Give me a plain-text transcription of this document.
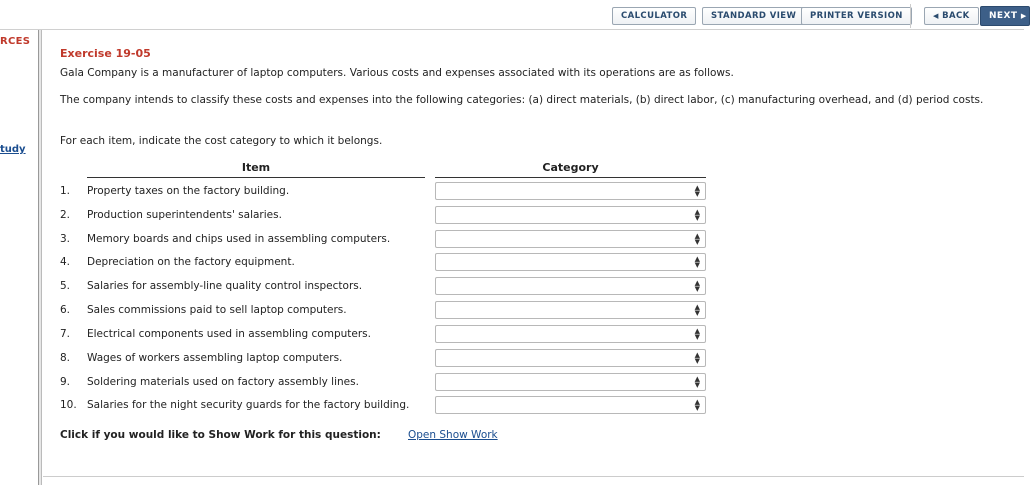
CALCULATOR	STANDARD VIEW	PRINTER VERSION	◀ BACK	NEXT ▶
RCES
tudy
Exercise 19-05
Gala Company is a manufacturer of laptop computers. Various costs and expenses associated with its operations are as follows.
The company intends to classify these costs and expenses into the following categories: (a) direct materials, (b) direct labor, (c) manufacturing overhead, and (d) period costs.
For each item, indicate the cost category to which it belongs.
Item	Category
1. Property taxes on the factory building.	▲
▼
2. Production superintendents' salaries.	▲
▼
3. Memory boards and chips used in assembling computers.	▲
▼
4. Depreciation on the factory equipment.	▲
▼
5. Salaries for assembly-line quality control inspectors.	▲
▼
6. Sales commissions paid to sell laptop computers.	▲
▼
7. Electrical components used in assembling computers.	▲
▼
8. Wages of workers assembling laptop computers.	▲
▼
9. Soldering materials used on factory assembly lines.	▲
▼
10. Salaries for the night security guards for the factory building.	▲
▼
Click if you would like to Show Work for this question:	Open Show Work
